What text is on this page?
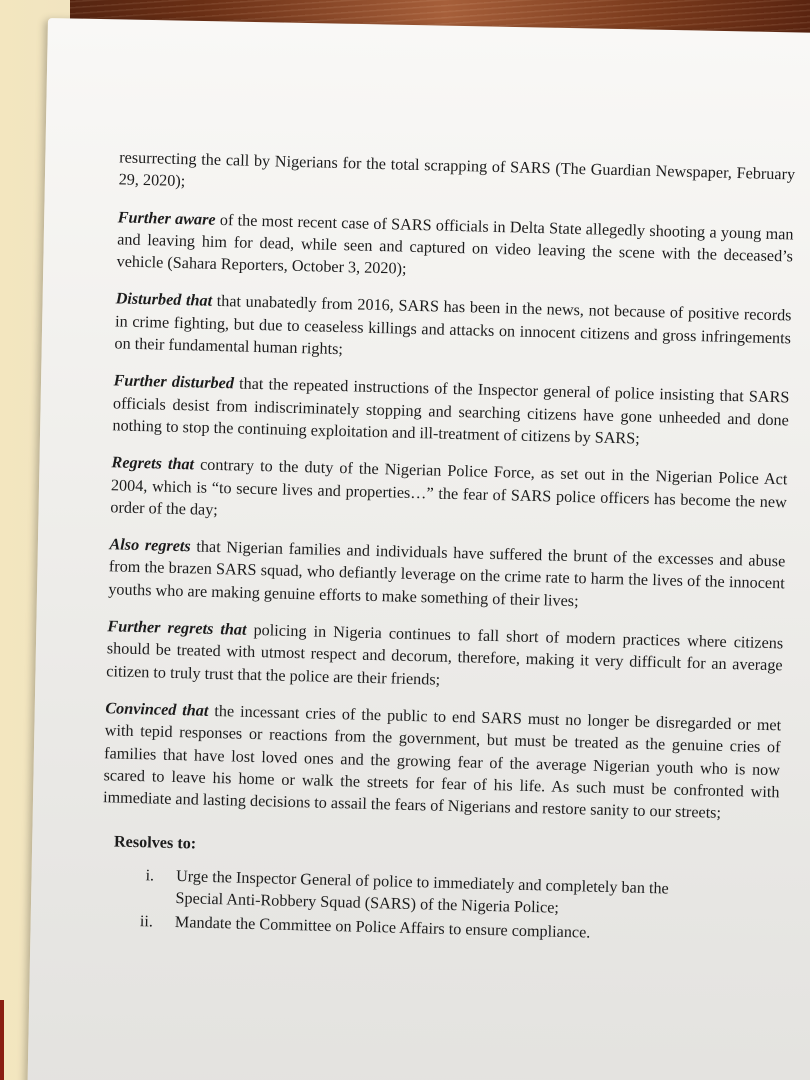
resurrecting the call by Nigerians for the total scrapping of SARS (The Guardian Newspaper, February 29, 2020);

Further aware of the most recent case of SARS officials in Delta State allegedly shooting a young man and leaving him for dead, while seen and captured on video leaving the scene with the deceased’s vehicle (Sahara Reporters, October 3, 2020);

Disturbed that that unabatedly from 2016, SARS has been in the news, not because of positive records in crime fighting, but due to ceaseless killings and attacks on innocent citizens and gross infringements on their fundamental human rights;

Further disturbed that the repeated instructions of the Inspector general of police insisting that SARS officials desist from indiscriminately stopping and searching citizens have gone unheeded and done nothing to stop the continuing exploitation and ill-treatment of citizens by SARS;

Regrets that contrary to the duty of the Nigerian Police Force, as set out in the Nigerian Police Act 2004, which is “to secure lives and properties…” the fear of SARS police officers has become the new order of the day;

Also regrets that Nigerian families and individuals have suffered the brunt of the excesses and abuse from the brazen SARS squad, who defiantly leverage on the crime rate to harm the lives of the innocent youths who are making genuine efforts to make something of their lives;

Further regrets that policing in Nigeria continues to fall short of modern practices where citizens should be treated with utmost respect and decorum, therefore, making it very difficult for an average citizen to truly trust that the police are their friends;

Convinced that the incessant cries of the public to end SARS must no longer be disregarded or met with tepid responses or reactions from the government, but must be treated as the genuine cries of families that have lost loved ones and the growing fear of the average Nigerian youth who is now scared to leave his home or walk the streets for fear of his life. As such must be confronted with immediate and lasting decisions to assail the fears of Nigerians and restore sanity to our streets;

Resolves to:
i.	Urge the Inspector General of police to immediately and completely ban the Special Anti-Robbery Squad (SARS) of the Nigeria Police;
ii.	Mandate the Committee on Police Affairs to ensure compliance.
